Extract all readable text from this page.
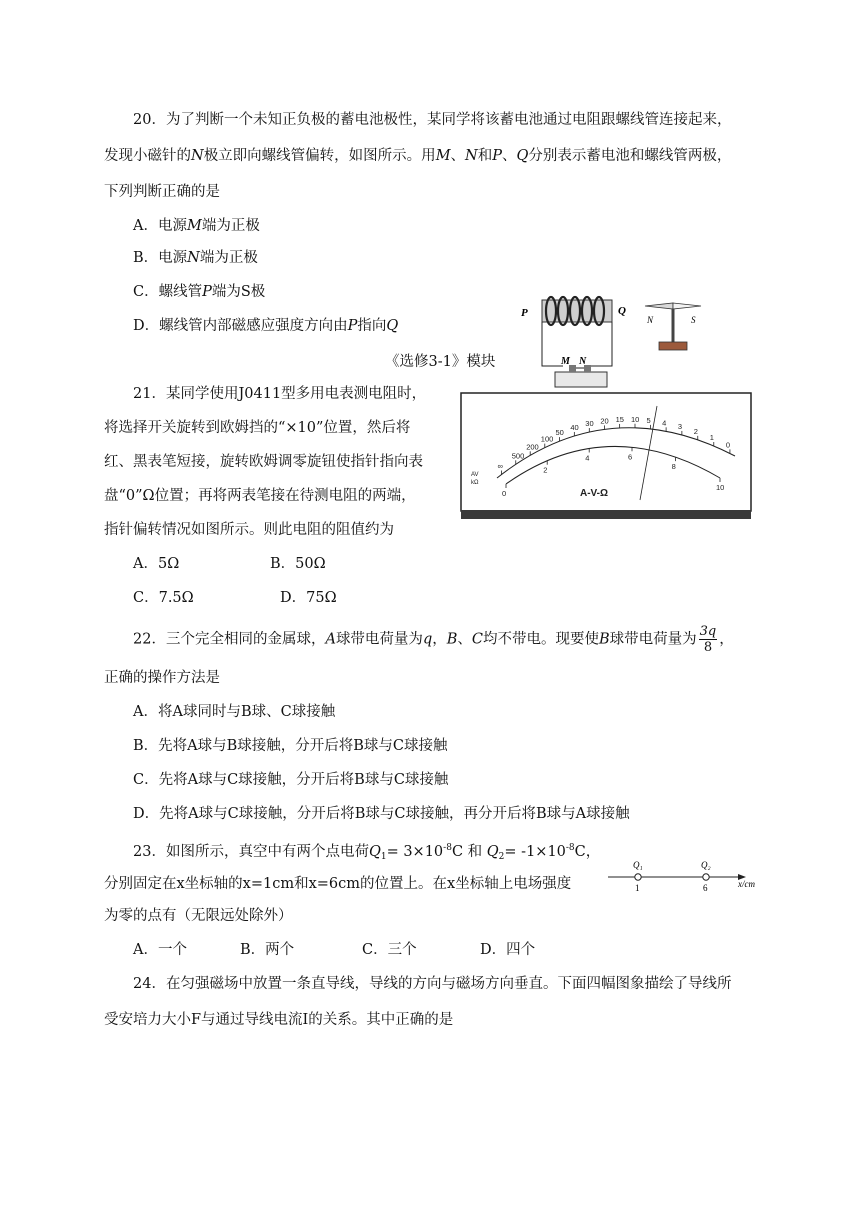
20．为了判断一个未知正负极的蓄电池极性，某同学将该蓄电池通过电阻跟螺线管连接起来，
发现小磁针的N极立即向螺线管偏转，如图所示。用M、N和P、Q分别表示蓄电池和螺线管两极，
下列判断正确的是
A．电源M端为正极
B．电源N端为正极
C．螺线管P端为S极
D．螺线管内部磁感应强度方向由P指向Q
P	Q
M N
N	S
《选修3-1》模块
21．某同学使用J0411型多用电表测电阻时，
将选择开关旋转到欧姆挡的“×10”位置，然后将
红、黑表笔短接，旋转欧姆调零旋钮使指针指向表
盘“0”Ω位置；再将两表笔接在待测电阻的两端，
指针偏转情况如图所示。则此电阻的阻值约为
A．5Ω	B．50Ω
C．7.5Ω	D．75Ω
∞
500
200
100
50
40 30 20 15 10 5 4 3
2
1
0
0
2
4	6
8
10
A-V-Ω
AV
kΩ
22．三个完全相同的金属球，A球带电荷量为q，B、C均不带电。现要使B球带电荷量为 $\frac{3q}{8}$ ，
正确的操作方法是
A．将A球同时与B球、C球接触
B．先将A球与B球接触，分开后将B球与C球接触
C．先将A球与C球接触，分开后将B球与C球接触
D．先将A球与C球接触，分开后将B球与C球接触，再分开后将B球与A球接触
23．如图所示，真空中有两个点电荷$Q_1= 3\times 10^{-8}C$ 和 $Q_2= -1\times 10^{-8}C$，
分别固定在x坐标轴的x=1cm和x=6cm的位置上。在x坐标轴上电场强度
为零的点有（无限远处除外）
A．一个	B．两个	C．三个	D．四个
Q₁	Q₂
1	6	x/cm
24．在匀强磁场中放置一条直导线，导线的方向与磁场方向垂直。下面四幅图象描绘了导线所
受安培力大小F与通过导线电流I的关系。其中正确的是
